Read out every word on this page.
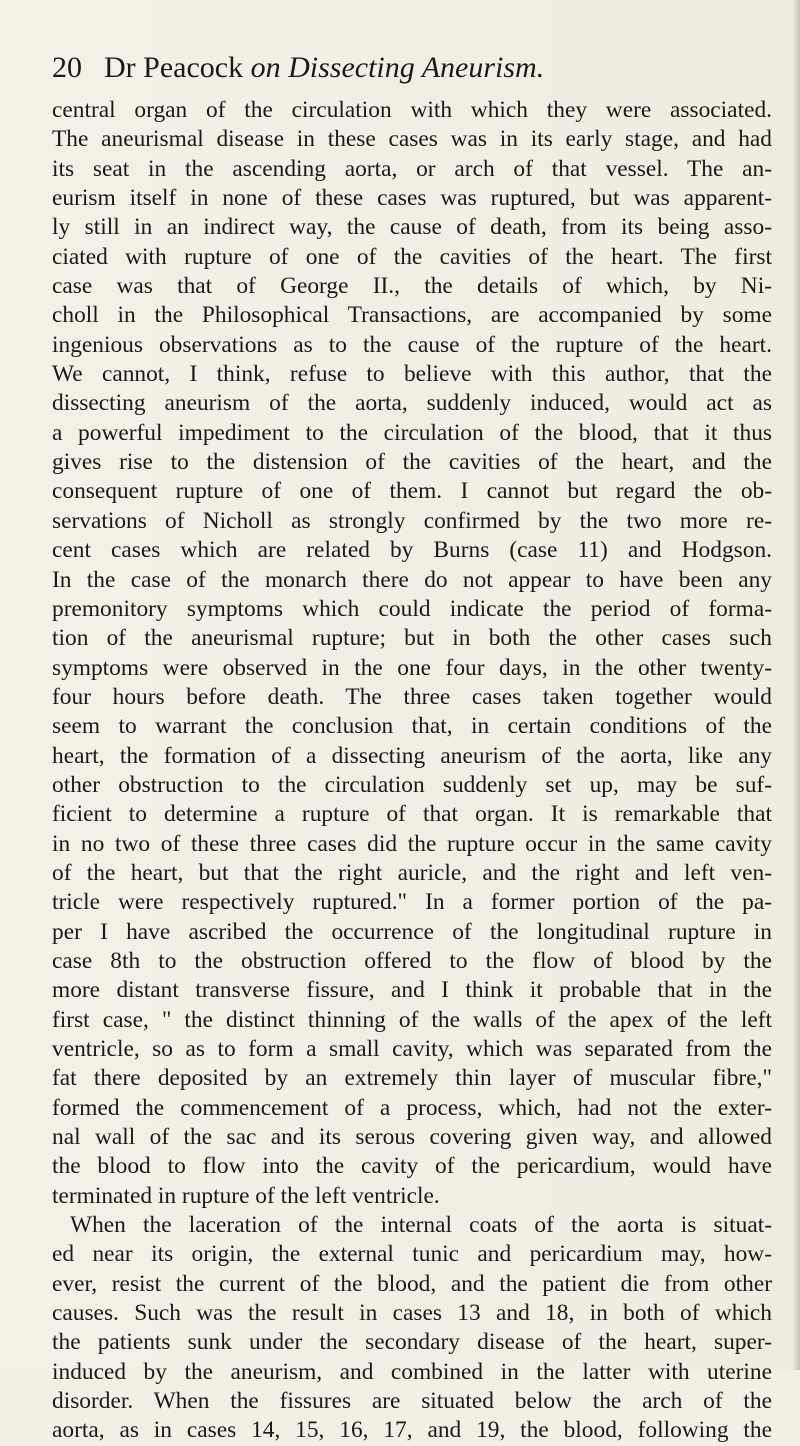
20 Dr Peacock on Dissecting Aneurism.
central organ of the circulation with which they were associated.
The aneurismal disease in these cases was in its early stage, and had
its seat in the ascending aorta, or arch of that vessel. The an-
eurism itself in none of these cases was ruptured, but was apparent-
ly still in an indirect way, the cause of death, from its being asso-
ciated with rupture of one of the cavities of the heart. The first
case was that of George II., the details of which, by Ni-
choll in the Philosophical Transactions, are accompanied by some
ingenious observations as to the cause of the rupture of the heart.
We cannot, I think, refuse to believe with this author, that the
dissecting aneurism of the aorta, suddenly induced, would act as
a powerful impediment to the circulation of the blood, that it thus
gives rise to the distension of the cavities of the heart, and the
consequent rupture of one of them. I cannot but regard the ob-
servations of Nicholl as strongly confirmed by the two more re-
cent cases which are related by Burns (case 11) and Hodgson.
In the case of the monarch there do not appear to have been any
premonitory symptoms which could indicate the period of forma-
tion of the aneurismal rupture; but in both the other cases such
symptoms were observed in the one four days, in the other twenty-
four hours before death. The three cases taken together would
seem to warrant the conclusion that, in certain conditions of the
heart, the formation of a dissecting aneurism of the aorta, like any
other obstruction to the circulation suddenly set up, may be suf-
ficient to determine a rupture of that organ. It is remarkable that
in no two of these three cases did the rupture occur in the same cavity
of the heart, but that the right auricle, and the right and left ven-
tricle were respectively ruptured." In a former portion of the pa-
per I have ascribed the occurrence of the longitudinal rupture in
case 8th to the obstruction offered to the flow of blood by the
more distant transverse fissure, and I think it probable that in the
first case, " the distinct thinning of the walls of the apex of the left
ventricle, so as to form a small cavity, which was separated from the
fat there deposited by an extremely thin layer of muscular fibre,"
formed the commencement of a process, which, had not the exter-
nal wall of the sac and its serous covering given way, and allowed
the blood to flow into the cavity of the pericardium, would have
terminated in rupture of the left ventricle.
When the laceration of the internal coats of the aorta is situat-
ed near its origin, the external tunic and pericardium may, how-
ever, resist the current of the blood, and the patient die from other
causes. Such was the result in cases 13 and 18, in both of which
the patients sunk under the secondary disease of the heart, super-
induced by the aneurism, and combined in the latter with uterine
disorder. When the fissures are situated below the arch of the
aorta, as in cases 14, 15, 16, 17, and 19, the blood, following the
